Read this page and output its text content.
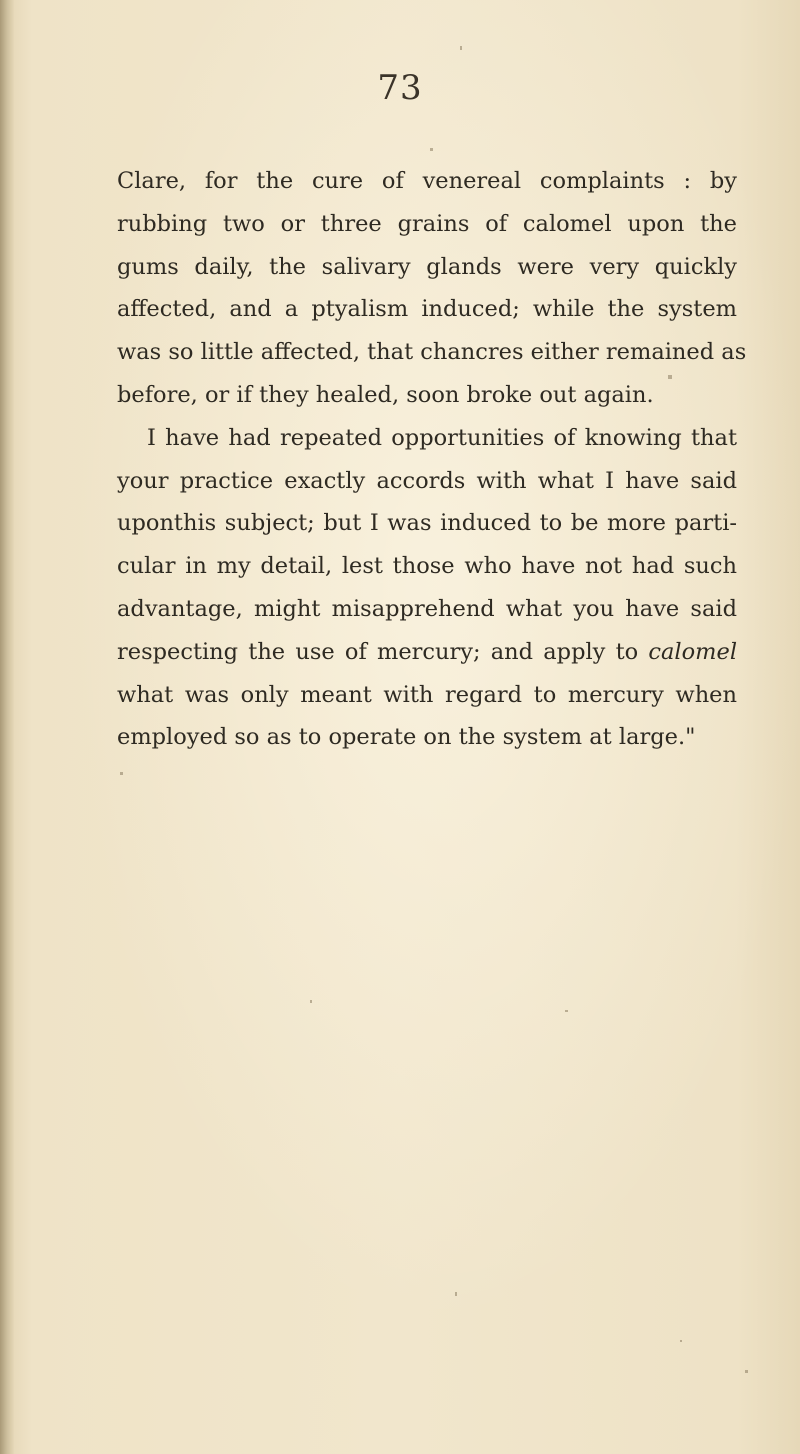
73
Clare, for the cure of venereal complaints : by
rubbing two or three grains of calomel upon the
gums daily, the salivary glands were very quickly
affected, and a ptyalism induced; while the system
was so little affected, that chancres either remained as
before, or if they healed, soon broke out again.
I have had repeated opportunities of knowing that
your practice exactly accords with what I have said
uponthis subject; but I was induced to be more parti-
cular in my detail, lest those who have not had such
advantage, might misapprehend what you have said
respecting the use of mercury; and apply to calomel
what was only meant with regard to mercury when
employed so as to operate on the system at large."
